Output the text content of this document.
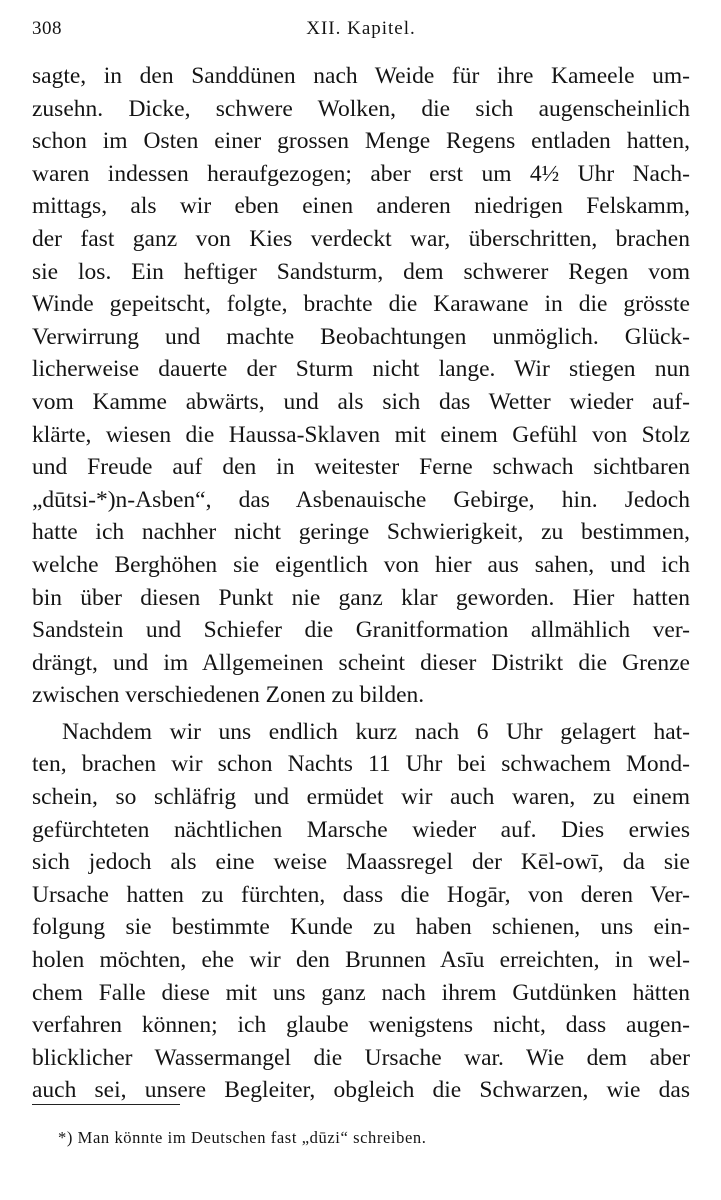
308	XII. Kapitel.
sagte, in den Sanddünen nach Weide für ihre Kameele um-
zusehn. Dicke, schwere Wolken, die sich augenscheinlich
schon im Osten einer grossen Menge Regens entladen hatten,
waren indessen heraufgezogen; aber erst um 4½ Uhr Nach-
mittags, als wir eben einen anderen niedrigen Felskamm,
der fast ganz von Kies verdeckt war, überschritten, brachen
sie los. Ein heftiger Sandsturm, dem schwerer Regen vom
Winde gepeitscht, folgte, brachte die Karawane in die grösste
Verwirrung und machte Beobachtungen unmöglich. Glück-
licherweise dauerte der Sturm nicht lange. Wir stiegen nun
vom Kamme abwärts, und als sich das Wetter wieder auf-
klärte, wiesen die Haussa-Sklaven mit einem Gefühl von Stolz
und Freude auf den in weitester Ferne schwach sichtbaren
„dūtsi-*)n-Asben“, das Asbenauische Gebirge, hin. Jedoch
hatte ich nachher nicht geringe Schwierigkeit, zu bestimmen,
welche Berghöhen sie eigentlich von hier aus sahen, und ich
bin über diesen Punkt nie ganz klar geworden. Hier hatten
Sandstein und Schiefer die Granitformation allmählich ver-
drängt, und im Allgemeinen scheint dieser Distrikt die Grenze
zwischen verschiedenen Zonen zu bilden.
Nachdem wir uns endlich kurz nach 6 Uhr gelagert hat-
ten, brachen wir schon Nachts 11 Uhr bei schwachem Mond-
schein, so schläfrig und ermüdet wir auch waren, zu einem
gefürchteten nächtlichen Marsche wieder auf. Dies erwies
sich jedoch als eine weise Maassregel der Kēl-owī, da sie
Ursache hatten zu fürchten, dass die Hogār, von deren Ver-
folgung sie bestimmte Kunde zu haben schienen, uns ein-
holen möchten, ehe wir den Brunnen Asīu erreichten, in wel-
chem Falle diese mit uns ganz nach ihrem Gutdünken hätten
verfahren können; ich glaube wenigstens nicht, dass augen-
blicklicher Wassermangel die Ursache war. Wie dem aber
auch sei, unsere Begleiter, obgleich die Schwarzen, wie das
*) Man könnte im Deutschen fast „dūzi“ schreiben.
